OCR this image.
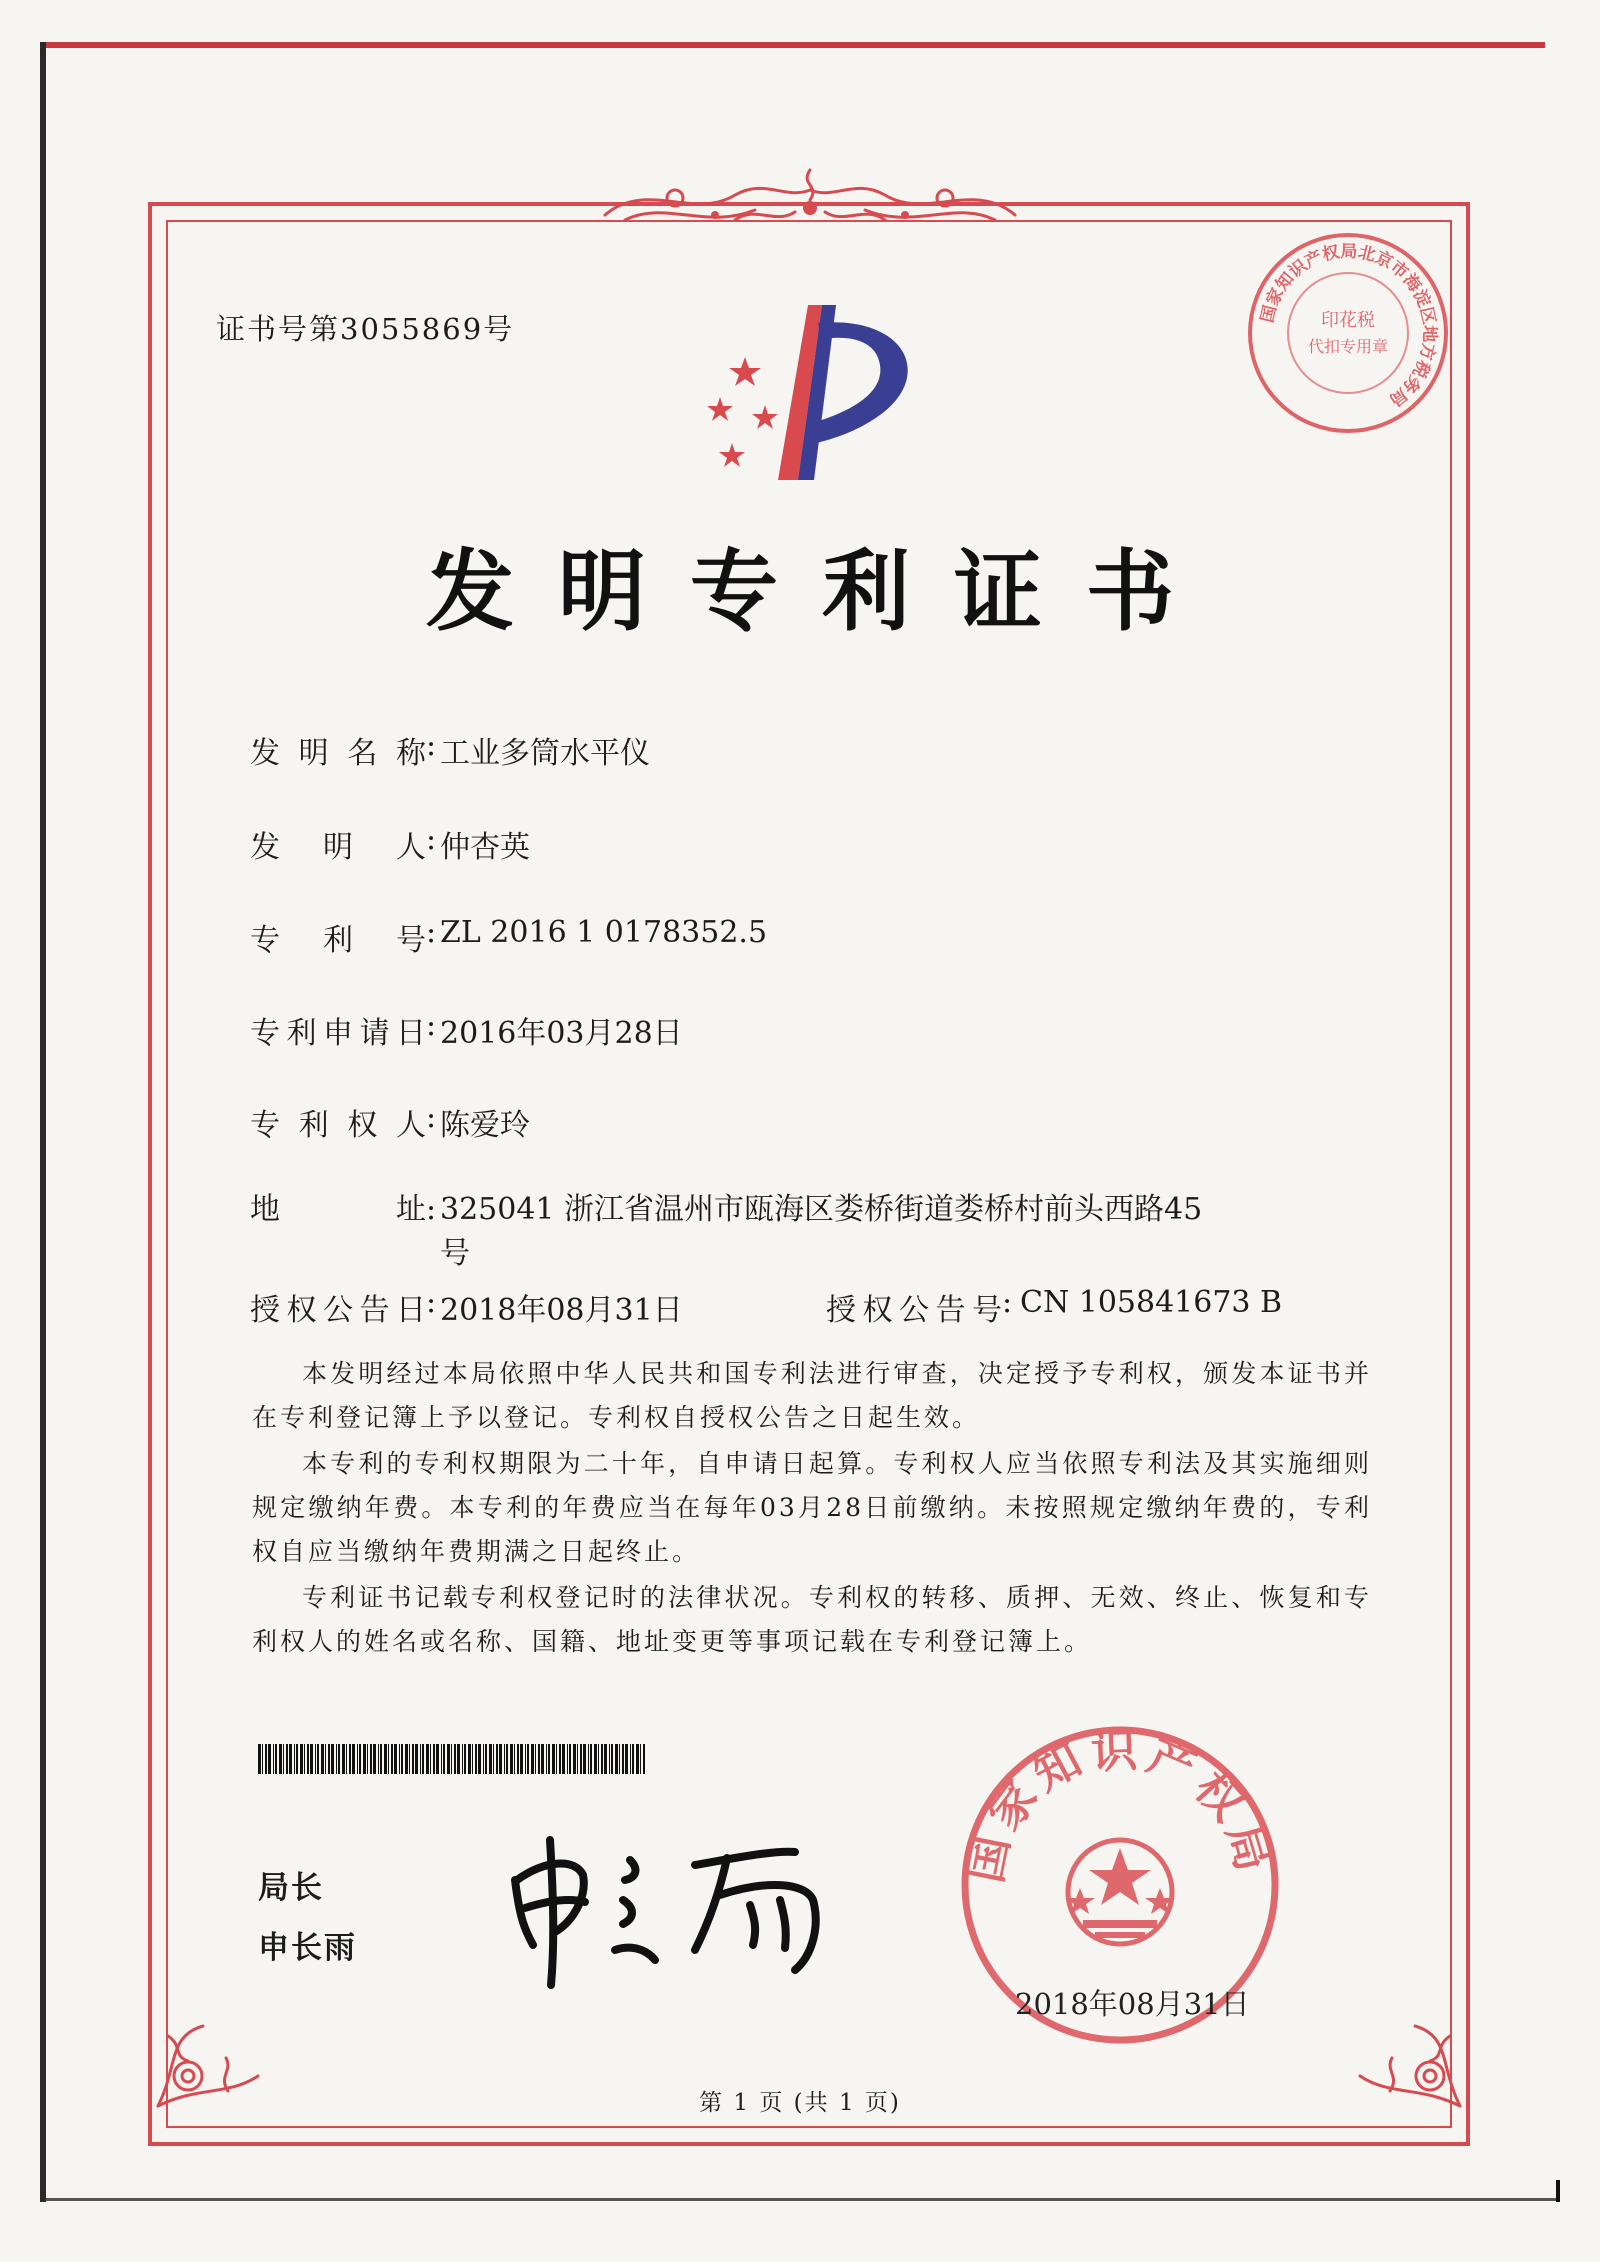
证书号第3055869号	国家知识产权局北京市海淀区地方税务局
印花税
代扣专用章
发明专利证书
发明名称 : 工业多筒水平仪
发明人 : 仲杏英
专利号 : ZL 2016 1 0178352.5
专利申请日 : 2016年03月28日
专利权人 : 陈爱玲
地址 : 325041 浙江省温州市瓯海区娄桥街道娄桥村前头西路45号
授权公告日 : 2018年08月31日	授权公告号 : CN 105841673 B

本发明经过本局依照中华人民共和国专利法进行审查，决定授予专利权，颁发本证书并在专利登记簿上予以登记。专利权自授权公告之日起生效。

本专利的专利权期限为二十年，自申请日起算。专利权人应当依照专利法及其实施细则规定缴纳年费。本专利的年费应当在每年03月28日前缴纳。未按照规定缴纳年费的，专利权自应当缴纳年费期满之日起终止。

专利证书记载专利权登记时的法律状况。专利权的转移、质押、无效、终止、恢复和专利权人的姓名或名称、国籍、地址变更等事项记载在专利登记簿上。

局长
申长雨
国家知识产权局
2018年08月31日
第 1 页 (共 1 页)
